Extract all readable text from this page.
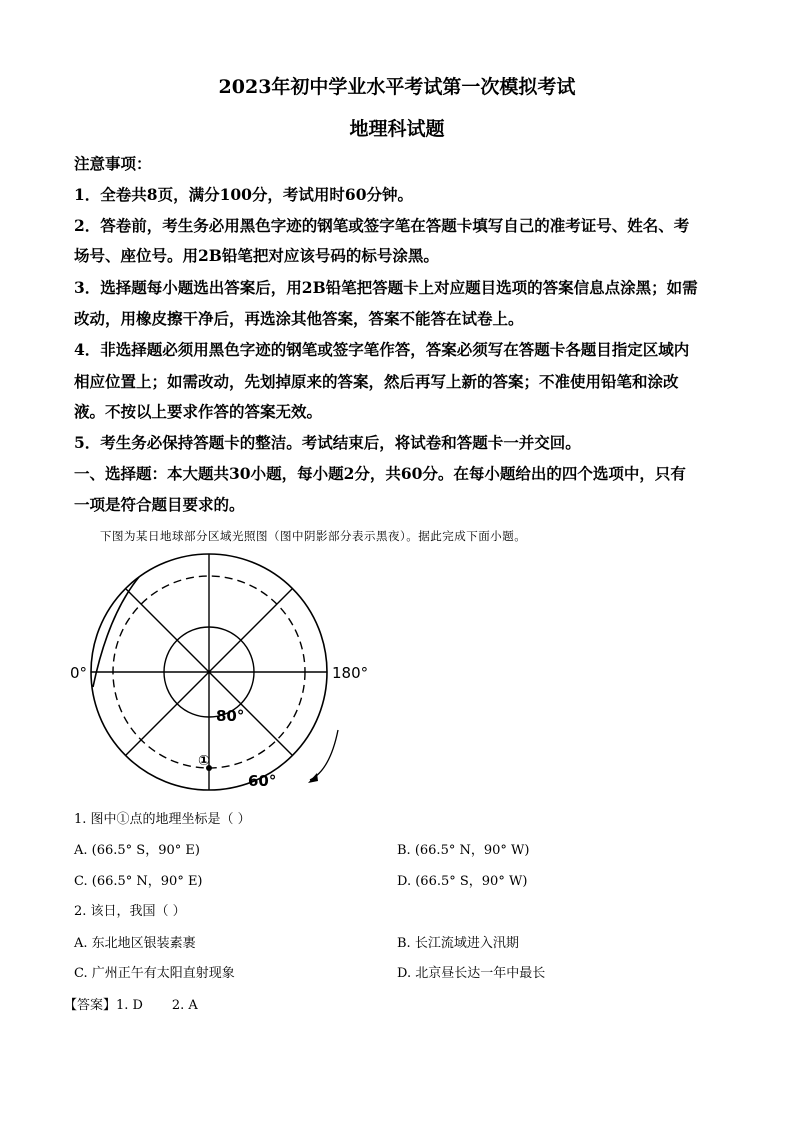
2023年初中学业水平考试第一次模拟考试
地理科试题
注意事项：
1．全卷共8页，满分100分，考试用时60分钟。
2．答卷前，考生务必用黑色字迹的钢笔或签字笔在答题卡填写自己的准考证号、姓名、考
场号、座位号。用2B铅笔把对应该号码的标号涂黑。
3．选择题每小题选出答案后，用2B铅笔把答题卡上对应题目选项的答案信息点涂黑；如需
改动，用橡皮擦干净后，再选涂其他答案，答案不能答在试卷上。
4．非选择题必须用黑色字迹的钢笔或签字笔作答，答案必须写在答题卡各题目指定区域内
相应位置上；如需改动，先划掉原来的答案，然后再写上新的答案；不准使用铅笔和涂改
液。不按以上要求作答的答案无效。
5．考生务必保持答题卡的整洁。考试结束后，将试卷和答题卡一并交回。
一、选择题：本大题共30小题，每小题2分，共60分。在每小题给出的四个选项中，只有
一项是符合题目要求的。
下图为某日地球部分区域光照图（图中阴影部分表示黑夜）。据此完成下面小题。
①
0°	180°
80°
60°
1. 图中①点的地理坐标是（ ）
A. (66.5° S，90° E)	B. (66.5° N，90° W)
C. (66.5° N，90° E)	D. (66.5° S，90° W)
2. 该日，我国（ ）
A. 东北地区银装素裹	B. 长江流域进入汛期
C. 广州正午有太阳直射现象	D. 北京昼长达一年中最长
【答案】1. D       2. A
